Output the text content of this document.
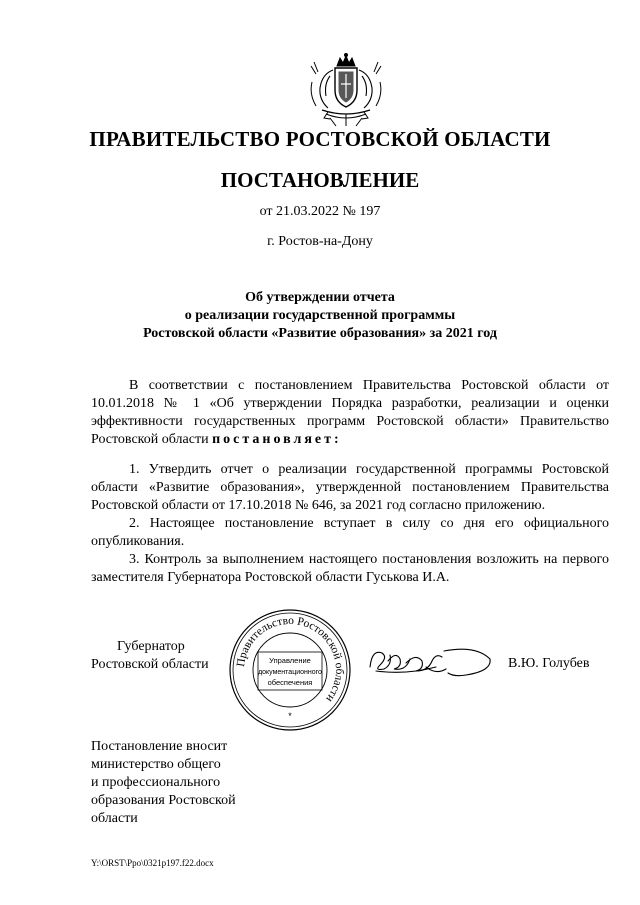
ПРАВИТЕЛЬСТВО РОСТОВСКОЙ ОБЛАСТИ
ПОСТАНОВЛЕНИЕ
от 21.03.2022 № 197
г. Ростов-на-Дону
Об утверждении отчета
о реализации государственной программы
Ростовской области «Развитие образования» за 2021 год

В соответствии с постановлением Правительства Ростовской области от 10.01.2018 № 1 «Об утверждении Порядка разработки, реализации и оценки эффективности государственных программ Ростовской области» Правительство Ростовской области постановляет:

1. Утвердить отчет о реализации государственной программы Ростовской области «Развитие образования», утвержденной постановлением Правительства Ростовской области от 17.10.2018 № 646, за 2021 год согласно приложению.

2. Настоящее постановление вступает в силу со дня его официального опубликования.

3. Контроль за выполнением настоящего постановления возложить на первого заместителя Губернатора Ростовской области Гуськова И.А.

Губернатор
Ростовской области Правительство Ростовской области
*
Управление
документационного
обеспечения
В.Ю. Голубев
Постановление вносит
министерство общего
и профессионального
образования Ростовской
области
Y:\ORST\Ppo\0321p197.f22.docx
